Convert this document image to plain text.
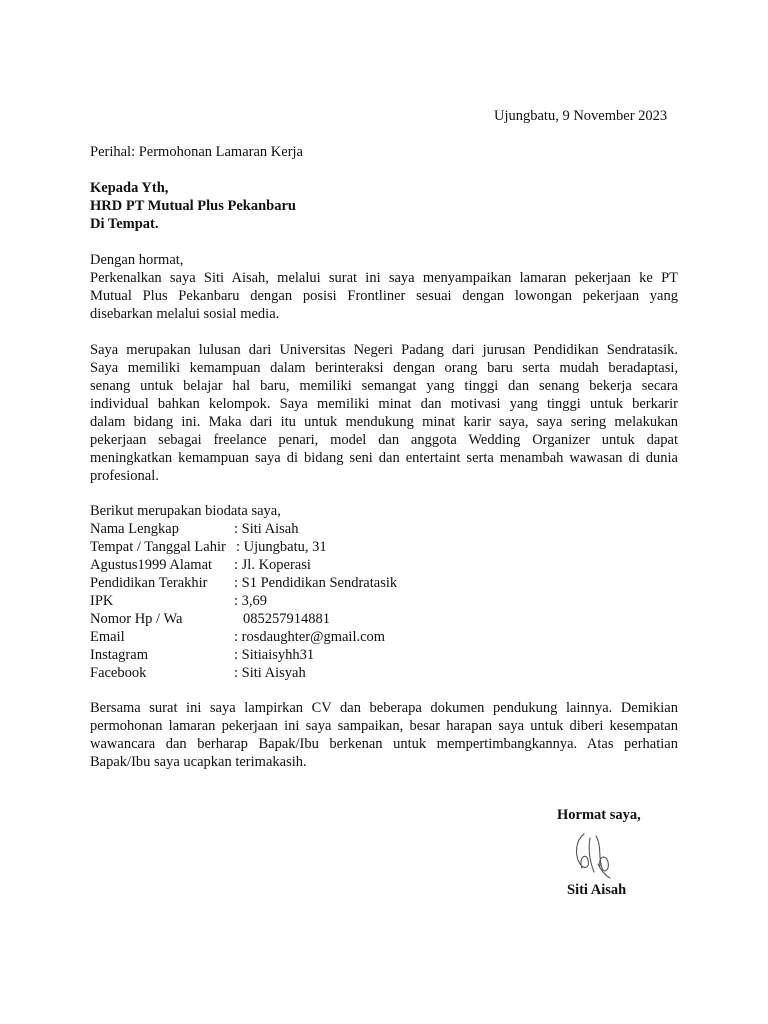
Ujungbatu, 9 November 2023

Perihal: Permohonan Lamaran Kerja

Kepada Yth,

HRD PT Mutual Plus Pekanbaru

Di Tempat.

Dengan hormat,

Perkenalkan saya Siti Aisah, melalui surat ini saya menyampaikan lamaran pekerjaan ke PT

Mutual Plus Pekanbaru dengan posisi Frontliner sesuai dengan lowongan pekerjaan yang

disebarkan melalui sosial media.

Saya merupakan lulusan dari Universitas Negeri Padang dari jurusan Pendidikan Sendratasik.

Saya memiliki kemampuan dalam berinteraksi dengan orang baru serta mudah beradaptasi,

senang untuk belajar hal baru, memiliki semangat yang tinggi dan senang bekerja secara

individual bahkan kelompok. Saya memiliki minat dan motivasi yang tinggi untuk berkarir

dalam bidang ini. Maka dari itu untuk mendukung minat karir saya, saya sering melakukan

pekerjaan sebagai freelance penari, model dan anggota Wedding Organizer untuk dapat

meningkatkan kemampuan saya di bidang seni dan entertaint serta menambah wawasan di dunia

profesional.

Berikut merupakan biodata saya,

Nama Lengkap	: Siti Aisah

Tempat / Tanggal Lahir : Ujungbatu, 31

Agustus1999 Alamat : Jl. Koperasi

Pendidikan Terakhir : S1 Pendidikan Sendratasik

IPK	: 3,69

Nomor Hp / Wa	085257914881

Email	: rosdaughter@gmail.com

Instagram	: Sitiaisyhh31

Facebook	: Siti Aisyah

Bersama surat ini saya lampirkan CV dan beberapa dokumen pendukung lainnya. Demikian

permohonan lamaran pekerjaan ini saya sampaikan, besar harapan saya untuk diberi kesempatan

wawancara dan berharap Bapak/Ibu berkenan untuk mempertimbangkannya. Atas perhatian

Bapak/Ibu saya ucapkan terimakasih.

Hormat saya,

Siti Aisah
